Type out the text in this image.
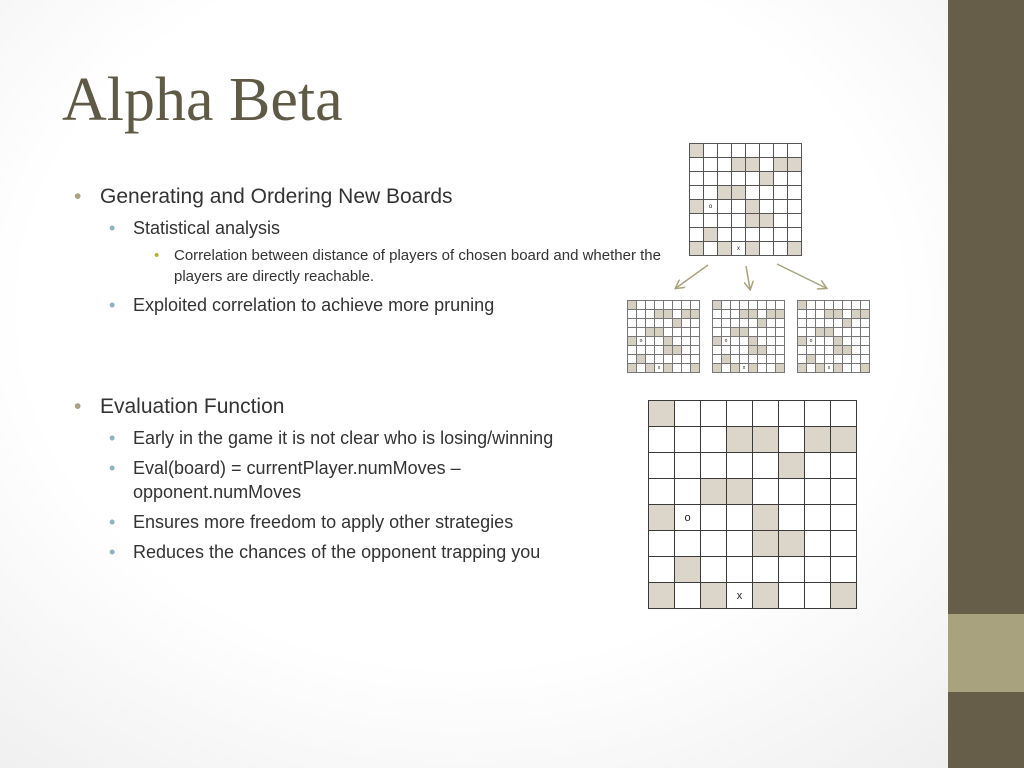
Alpha Beta
• Generating and Ordering New Boards
• Statistical analysis
• Correlation between distance of players of chosen board and whether the players are directly reachable.
• Exploited correlation to achieve more pruning
• Evaluation Function
• Early in the game it is not clear who is losing/winning
• Eval(board) = currentPlayer.numMoves – opponent.numMoves
• Ensures more freedom to apply other strategies
• Reduces the chances of the opponent trapping you

	o						

			x				

	o						

			x				

	o						

			x				

	o						

			x				

	o						

			x				
